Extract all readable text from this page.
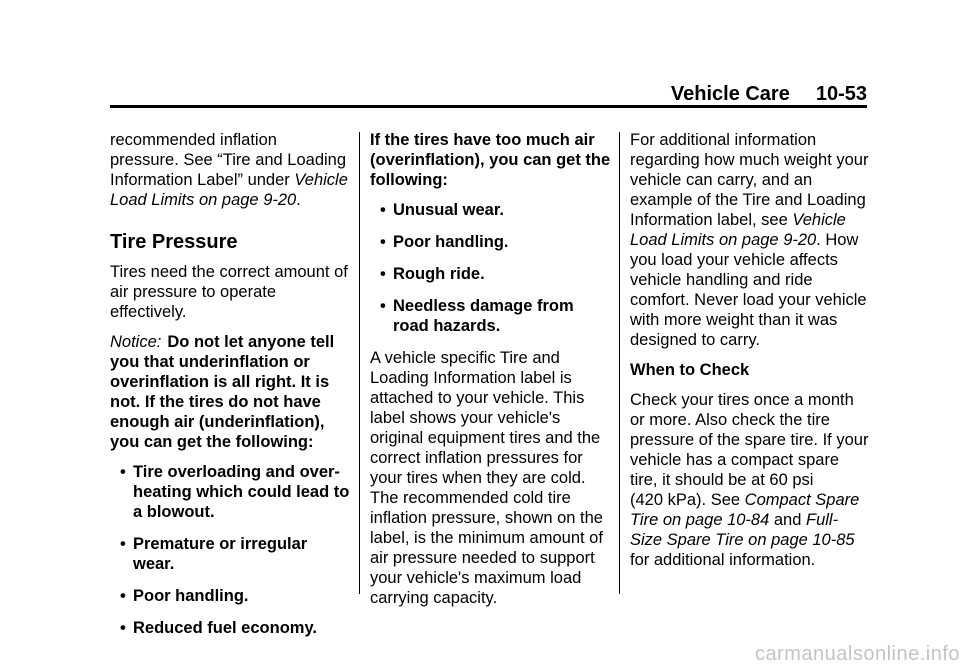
Vehicle Care 10-53

recommended inflation pressure. See “Tire and Loading Information Label” under Vehicle Load Limits on page 9-20.

Tire Pressure

Tires need the correct amount of air pressure to operate effectively.

Notice: Do not let anyone tell you that underinflation or overinflation is all right. It is not. If the tires do not have enough air (underinflation), you can get the following:

• Tire overloading and over-heating which could lead to a blowout.
• Premature or irregular wear.
• Poor handling.
• Reduced fuel economy.

If the tires have too much air (overinflation), you can get the following:

• Unusual wear.
• Poor handling.
• Rough ride.
• Needless damage from road hazards.

A vehicle specific Tire and Loading Information label is attached to your vehicle. This label shows your vehicle's original equipment tires and the correct inflation pressures for your tires when they are cold. The recommended cold tire inflation pressure, shown on the label, is the minimum amount of air pressure needed to support your vehicle's maximum load carrying capacity.

For additional information regarding how much weight your vehicle can carry, and an example of the Tire and Loading Information label, see Vehicle Load Limits on page 9-20. How you load your vehicle affects vehicle handling and ride comfort. Never load your vehicle with more weight than it was designed to carry.

When to Check

Check your tires once a month or more. Also check the tire pressure of the spare tire. If your vehicle has a compact spare tire, it should be at 60 psi (420 kPa). See Compact Spare Tire on page 10-84 and Full-Size Spare Tire on page 10-85 for additional information.

carmanualsonline.info
